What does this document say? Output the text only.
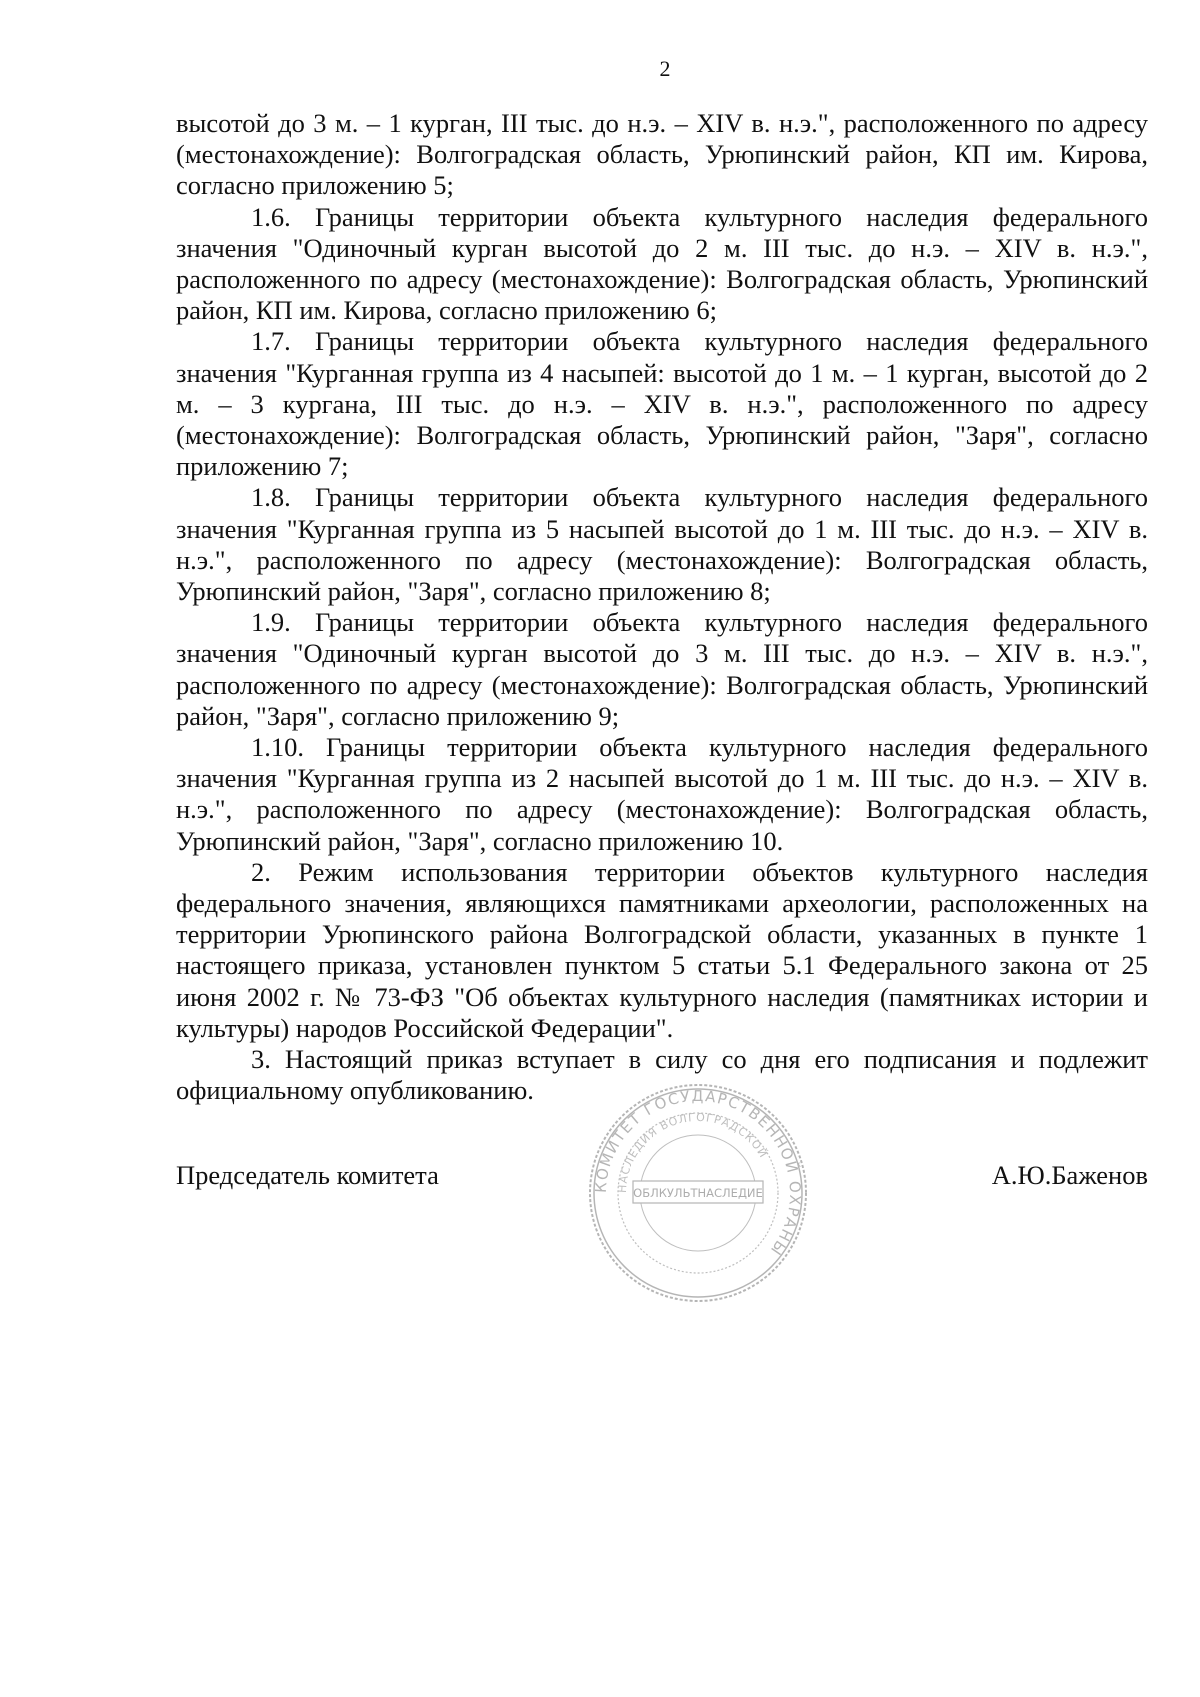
2

высотой до 3 м. – 1 курган, III тыс. до н.э. – XIV в. н.э.", расположенного по адресу (местонахождение): Волгоградская область, Урюпинский район, КП им. Кирова, согласно приложению 5;

1.6. Границы территории объекта культурного наследия федерального значения "Одиночный курган высотой до 2 м. III тыс. до н.э. – XIV в. н.э.", расположенного по адресу (местонахождение): Волгоградская область, Урюпинский район, КП им. Кирова, согласно приложению 6;

1.7. Границы территории объекта культурного наследия федерального значения "Курганная группа из 4 насыпей: высотой до 1 м. – 1 курган, высотой до 2 м. – 3 кургана, III тыс. до н.э. – XIV в. н.э.", расположенного по адресу (местонахождение): Волгоградская область, Урюпинский район, "Заря", согласно приложению 7;

1.8. Границы территории объекта культурного наследия федерального значения "Курганная группа из 5 насыпей высотой до 1 м. III тыс. до н.э. – XIV в. н.э.", расположенного по адресу (местонахождение): Волгоградская область, Урюпинский район, "Заря", согласно приложению 8;

1.9. Границы территории объекта культурного наследия федерального значения "Одиночный курган высотой до 3 м. III тыс. до н.э. – XIV в. н.э.", расположенного по адресу (местонахождение): Волгоградская область, Урюпинский район, "Заря", согласно приложению 9;

1.10. Границы территории объекта культурного наследия федерального значения "Курганная группа из 2 насыпей высотой до 1 м. III тыс. до н.э. – XIV в. н.э.", расположенного по адресу (местонахождение): Волгоградская область, Урюпинский район, "Заря", согласно приложению 10.

2. Режим использования территории объектов культурного наследия федерального значения, являющихся памятниками археологии, расположенных на территории Урюпинского района Волгоградской области, указанных в пункте 1 настоящего приказа, установлен пунктом 5 статьи 5.1 Федерального закона от 25 июня 2002 г. № 73-ФЗ "Об объектах культурного наследия (памятниках истории и культуры) народов Российской Федерации".

3. Настоящий приказ вступает в силу со дня его подписания и подлежит официальному опубликованию.

Председатель комитета	А.Ю.Баженов
КОМИТЕТ ГОСУДАРСТВЕННОЙ ОХРАНЫ
НАСЛЕДИЯ ВОЛГОГРАДСКОЙ
ОБЛКУЛЬТНАСЛЕДИЕ
